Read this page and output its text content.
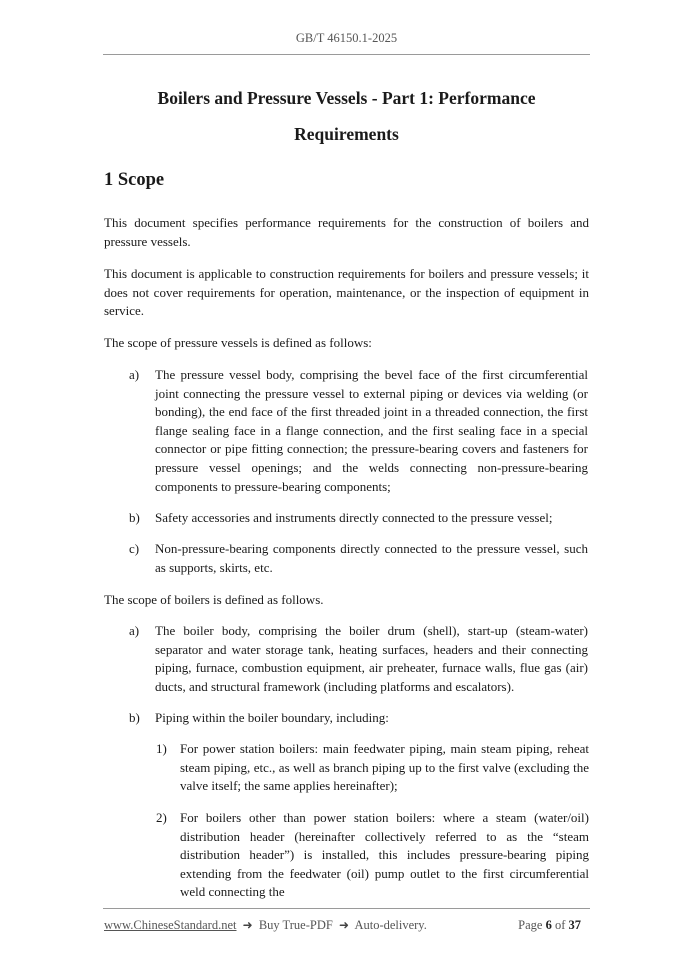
GB/T 46150.1-2025
Boilers and Pressure Vessels - Part 1: Performance
Requirements
1 Scope

This document specifies performance requirements for the construction of boilers and pressure vessels.

This document is applicable to construction requirements for boilers and pressure vessels; it does not cover requirements for operation, maintenance, or the inspection of equipment in service.

The scope of pressure vessels is defined as follows:

a) The pressure vessel body, comprising the bevel face of the first circumferential joint connecting the pressure vessel to external piping or devices via welding (or bonding), the end face of the first threaded joint in a threaded connection, the first flange sealing face in a flange connection, and the first sealing face in a special connector or pipe fitting connection; the pressure-bearing covers and fasteners for pressure vessel openings; and the welds connecting non-pressure-bearing components to pressure-bearing components;
b) Safety accessories and instruments directly connected to the pressure vessel;
c) Non-pressure-bearing components directly connected to the pressure vessel, such as supports, skirts, etc.

The scope of boilers is defined as follows.

a) The boiler body, comprising the boiler drum (shell), start-up (steam-water) separator and water storage tank, heating surfaces, headers and their connecting piping, furnace, combustion equipment, air preheater, furnace walls, flue gas (air) ducts, and structural framework (including platforms and escalators).
b) Piping within the boiler boundary, including:
1) For power station boilers: main feedwater piping, main steam piping, reheat steam piping, etc., as well as branch piping up to the first valve (excluding the valve itself; the same applies hereinafter);
2) For boilers other than power station boilers: where a steam (water/oil) distribution header (hereinafter collectively referred to as the “steam distribution header”) is installed, this includes pressure-bearing piping extending from the feedwater (oil) pump outlet to the first circumferential weld connecting the
www.ChineseStandard.net ➜ Buy True-PDF ➜ Auto-delivery.	Page 6 of 37
